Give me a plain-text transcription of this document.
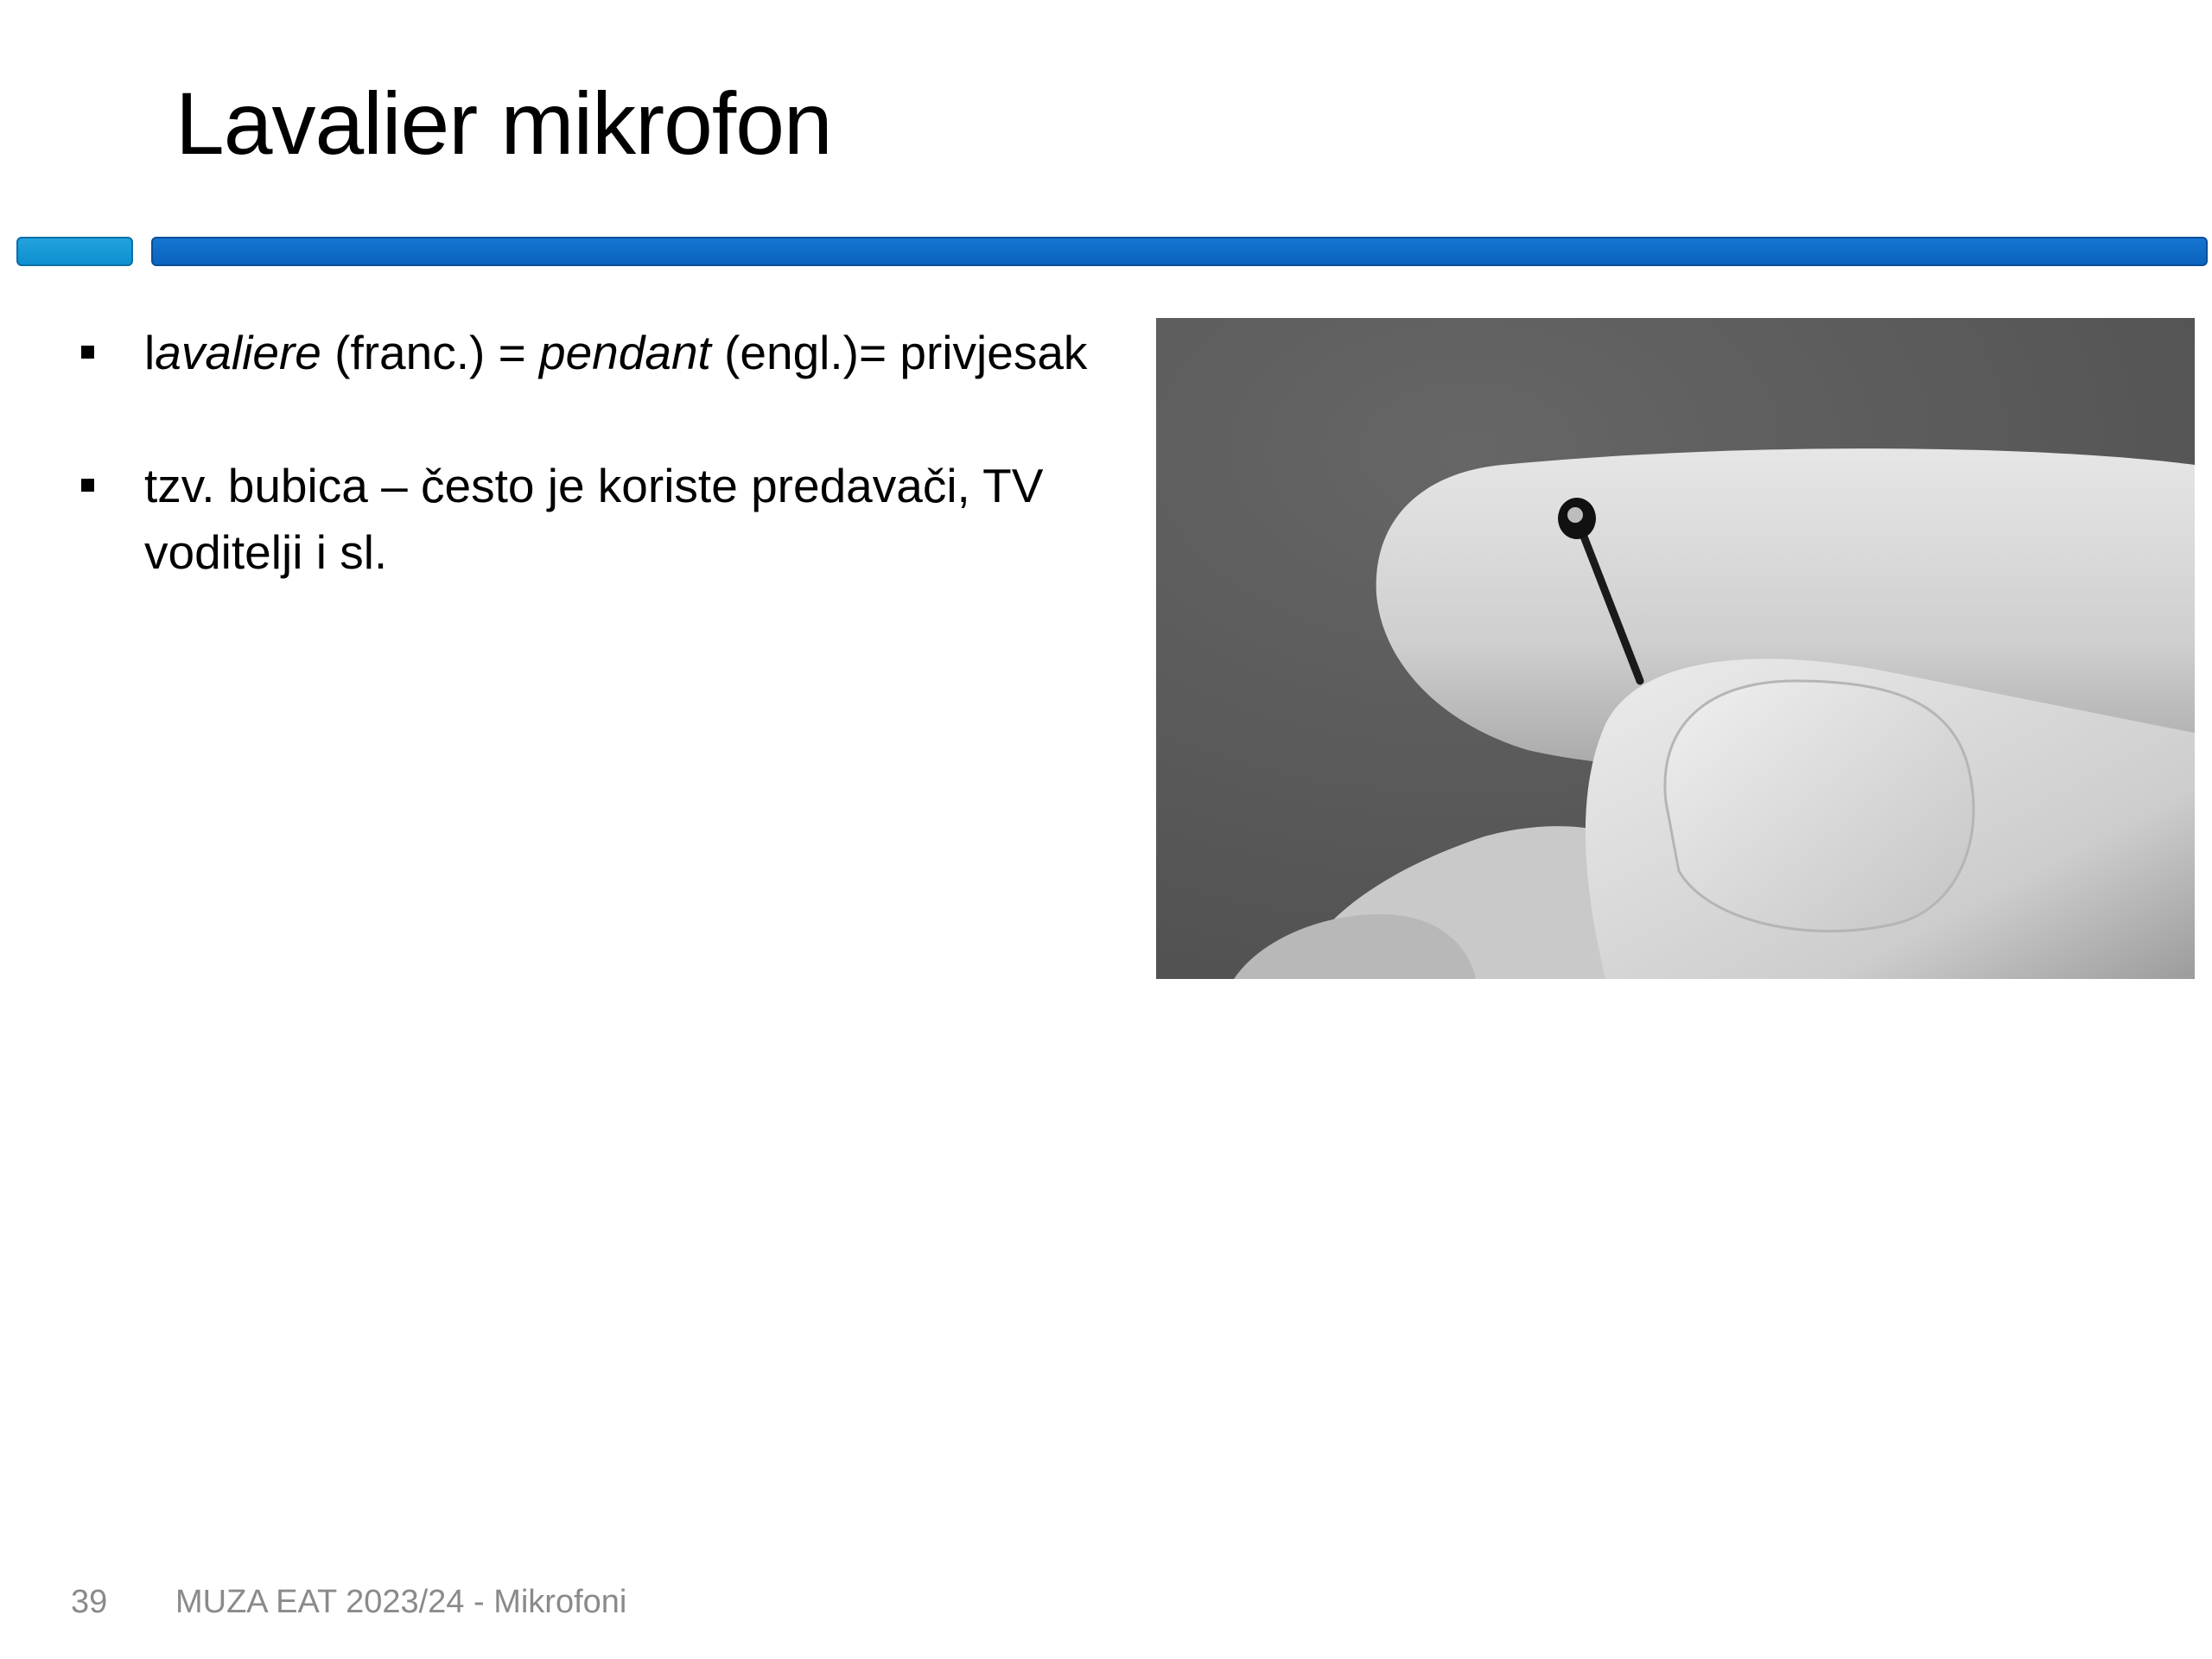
Lavalier mikrofon
lavaliere (franc.) = pendant (engl.)= privjesak
tzv. bubica – često je koriste predavači, TV voditelji i sl.
39 MUZA EAT 2023/24 - Mikrofoni
